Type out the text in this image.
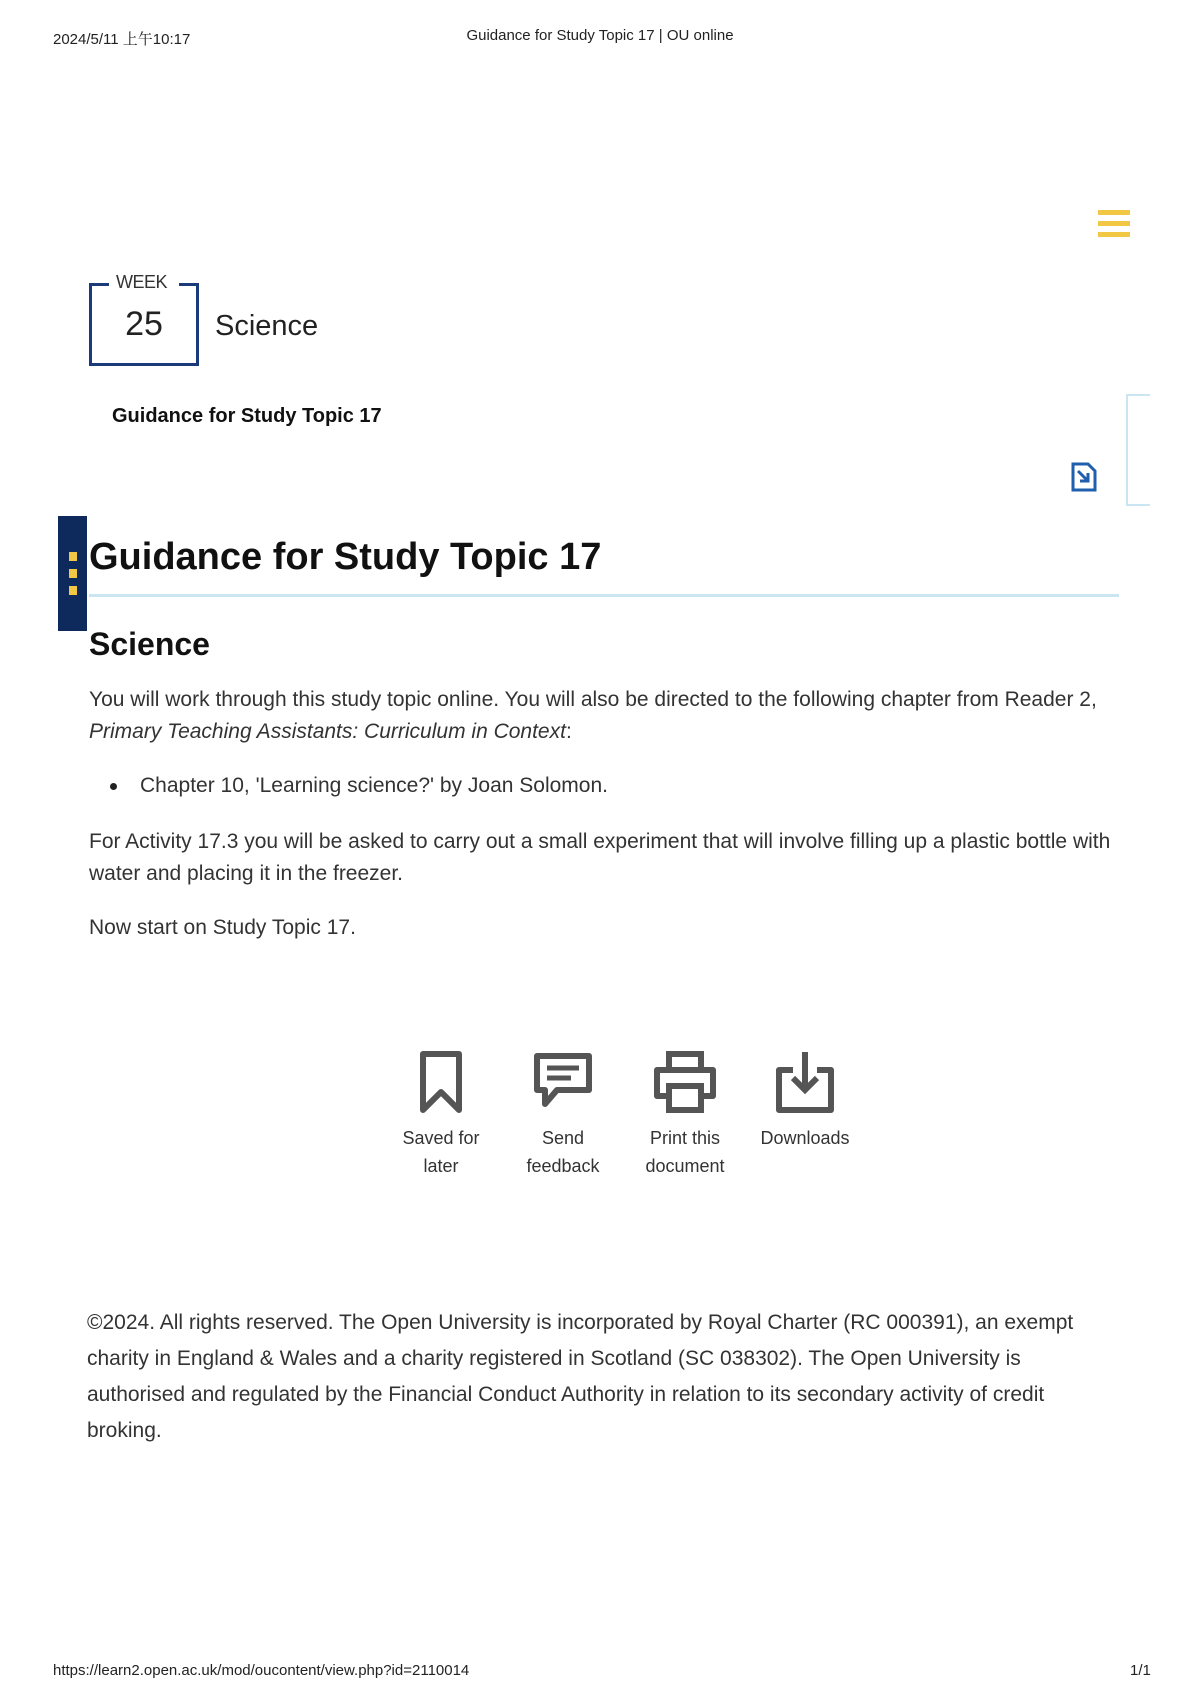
2024/5/11 上午10:17	Guidance for Study Topic 17 | OU online
WEEK
25	Science
Guidance for Study Topic 17
Guidance for Study Topic 17
Science
You will work through this study topic online. You will also be directed to the following chapter from Reader 2, Primary Teaching Assistants: Curriculum in Context:
Chapter 10, 'Learning science?' by Joan Solomon.
For Activity 17.3 you will be asked to carry out a small experiment that will involve filling up a plastic bottle with water and placing it in the freezer.
Now start on Study Topic 17.
Saved for
later
Send
feedback
Print this
document
Downloads
©2024. All rights reserved. The Open University is incorporated by Royal Charter (RC 000391), an exempt charity in England & Wales and a charity registered in Scotland (SC 038302). The Open University is authorised and regulated by the Financial Conduct Authority in relation to its secondary activity of credit broking.
https://learn2.open.ac.uk/mod/oucontent/view.php?id=2110014	1/1
